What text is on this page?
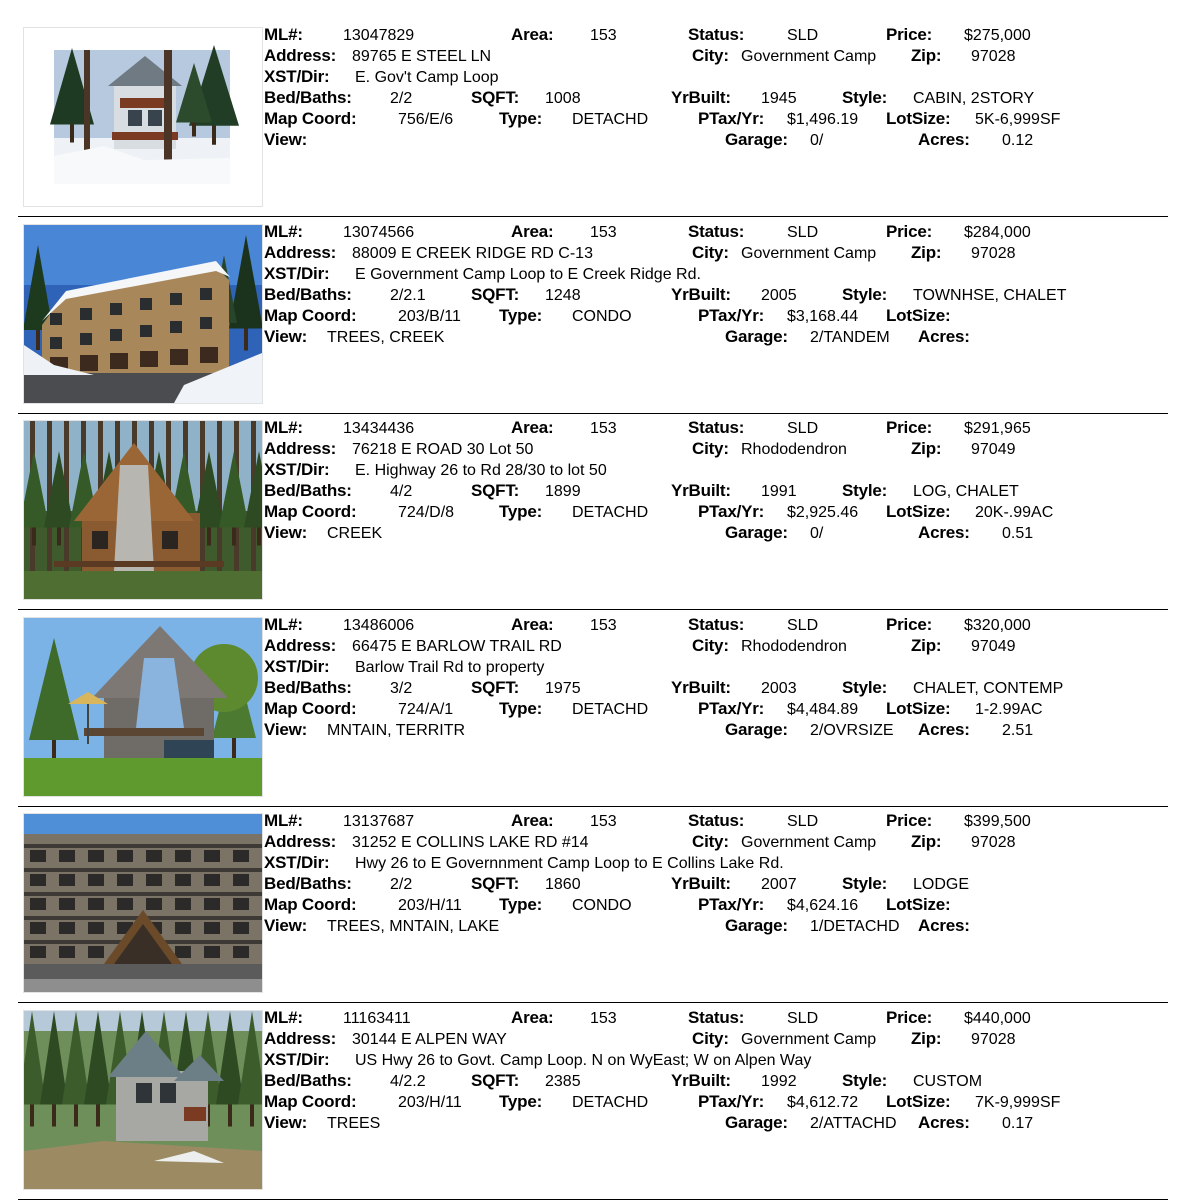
ML#:	13047829	Area: 153	Status:	SLD	Price: $275,000
Address: 89765 E STEEL LN	City: Government Camp Zip: 97028
XST/Dir: E. Gov't Camp Loop
Bed/Baths: 2/2	SQFT: 1008	YrBuilt: 1945	Style: CABIN, 2STORY
Map Coord:	756/E/6	Type: DETACHD	PTax/Yr: $1,496.19 LotSize: 5K-6,999SF
View:	Garage: 0/	Acres: 0.12
ML#:	13074566	Area: 153	Status:	SLD	Price: $284,000
Address: 88009 E CREEK RIDGE RD C-13	City: Government Camp Zip: 97028
XST/Dir: E Government Camp Loop to E Creek Ridge Rd.
Bed/Baths: 2/2.1	SQFT: 1248	YrBuilt: 2005	Style: TOWNHSE, CHALET
Map Coord:	203/B/11 Type: CONDO	PTax/Yr: $3,168.44 LotSize:
View: TREES, CREEK	Garage: 2/TANDEM Acres:
ML#:	13434436	Area: 153	Status:	SLD	Price: $291,965
Address: 76218 E ROAD 30 Lot 50	City: Rhododendron	Zip: 97049
XST/Dir: E. Highway 26 to Rd 28/30 to lot 50
Bed/Baths: 4/2	SQFT: 1899	YrBuilt: 1991	Style: LOG, CHALET
Map Coord:	724/D/8	Type: DETACHD	PTax/Yr: $2,925.46 LotSize: 20K-.99AC
View: CREEK	Garage: 0/	Acres: 0.51
ML#:	13486006	Area: 153	Status:	SLD	Price: $320,000
Address: 66475 E BARLOW TRAIL RD	City: Rhododendron	Zip: 97049
XST/Dir: Barlow Trail Rd to property
Bed/Baths: 3/2	SQFT: 1975	YrBuilt: 2003	Style: CHALET, CONTEMP
Map Coord:	724/A/1	Type: DETACHD	PTax/Yr: $4,484.89 LotSize: 1-2.99AC
View: MNTAIN, TERRITR	Garage: 2/OVRSIZE Acres: 2.51
ML#:	13137687	Area: 153	Status:	SLD	Price: $399,500
Address: 31252 E COLLINS LAKE RD #14	City: Government Camp Zip: 97028
XST/Dir: Hwy 26 to E Governnment Camp Loop to E Collins Lake Rd.
Bed/Baths: 2/2	SQFT: 1860	YrBuilt: 2007	Style: LODGE
Map Coord:	203/H/11 Type: CONDO	PTax/Yr: $4,624.16 LotSize:
View: TREES, MNTAIN, LAKE	Garage: 1/DETACHD Acres:
ML#:	11163411	Area: 153	Status:	SLD	Price: $440,000
Address: 30144 E ALPEN WAY	City: Government Camp Zip: 97028
XST/Dir: US Hwy 26 to Govt. Camp Loop. N on WyEast; W on Alpen Way
Bed/Baths: 4/2.2	SQFT: 2385	YrBuilt: 1992	Style: CUSTOM
Map Coord:	203/H/11 Type: DETACHD	PTax/Yr: $4,612.72 LotSize: 7K-9,999SF
View: TREES	Garage: 2/ATTACHD Acres: 0.17
